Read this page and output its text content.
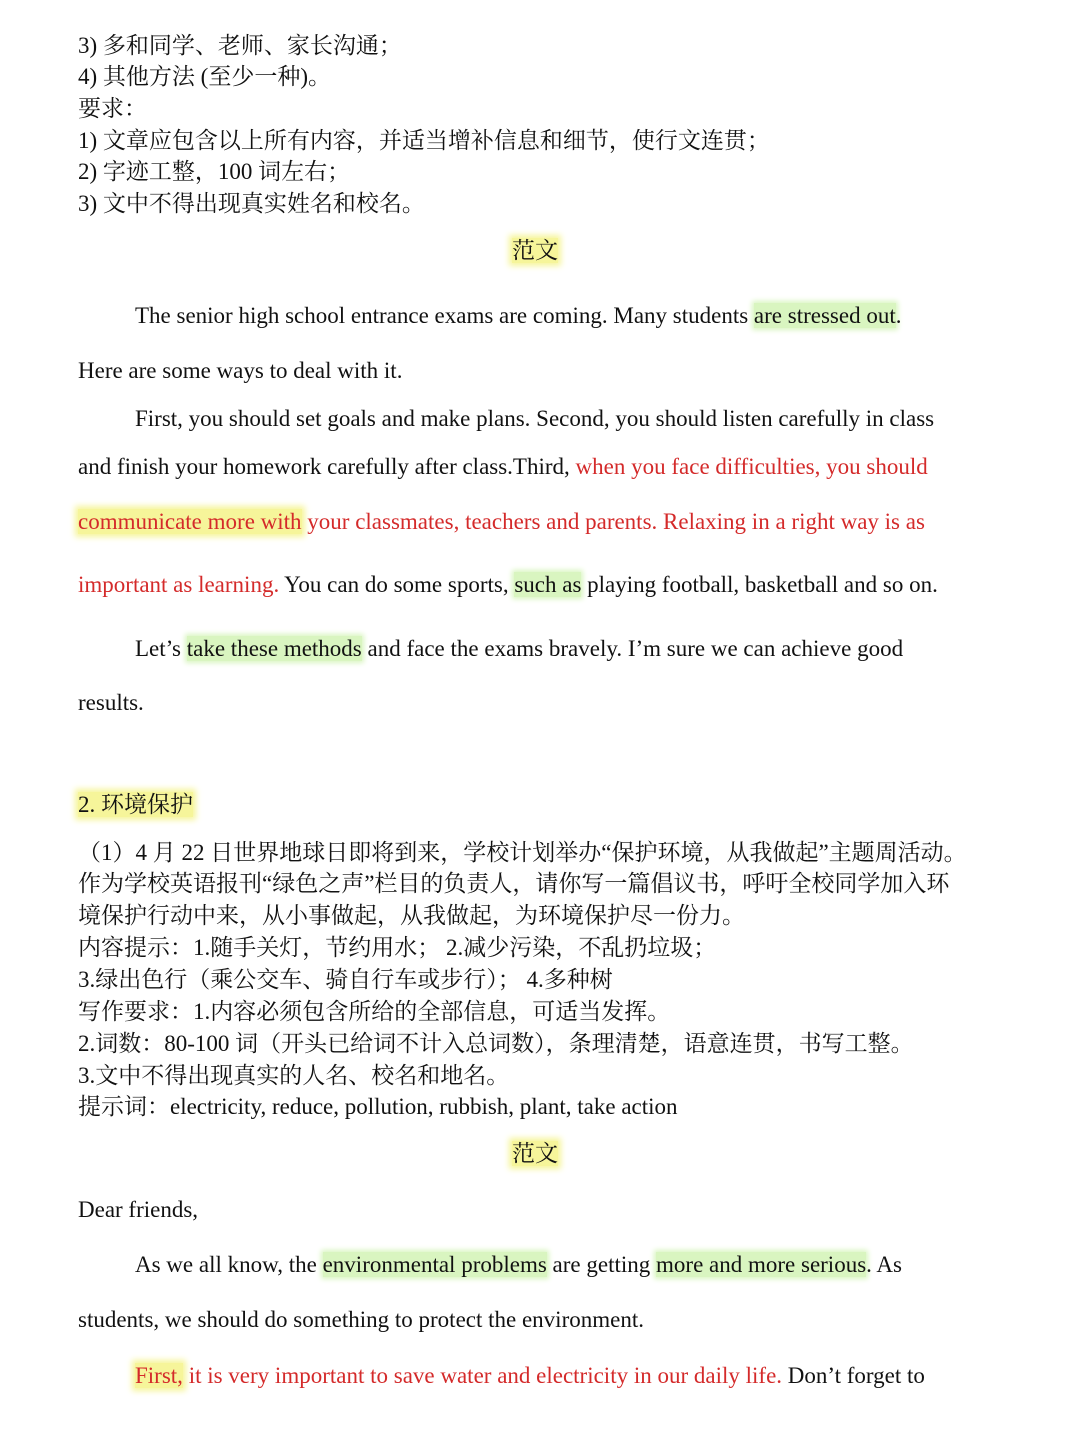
3) 多和同学、老师、家长沟通；
4) 其他方法 (至少一种)。
要求：
1) 文章应包含以上所有内容，并适当增补信息和细节，使行文连贯；
2) 字迹工整，100 词左右；
3) 文中不得出现真实姓名和校名。
范文
The senior high school entrance exams are coming. Many students are stressed out.
Here are some ways to deal with it.
First, you should set goals and make plans. Second, you should listen carefully in class
and finish your homework carefully after class.Third, when you face difficulties, you should
communicate more with your classmates, teachers and parents. Relaxing in a right way is as
important as learning. You can do some sports, such as playing football, basketball and so on.
Let’s take these methods and face the exams bravely. I’m sure we can achieve good
results.
2. 环境保护
（1）4 月 22 日世界地球日即将到来，学校计划举办“保护环境，从我做起”主题周活动。
作为学校英语报刊“绿色之声”栏目的负责人，请你写一篇倡议书，呼吁全校同学加入环
境保护行动中来，从小事做起，从我做起，为环境保护尽一份力。
内容提示：1.随手关灯，节约用水； 2.减少污染，不乱扔垃圾；
3.绿出色行（乘公交车、骑自行车或步行）； 4.多种树
写作要求：1.内容必须包含所给的全部信息，可适当发挥。
2.词数：80-100 词（开头已给词不计入总词数），条理清楚，语意连贯，书写工整。
3.文中不得出现真实的人名、校名和地名。
提示词：electricity, reduce, pollution, rubbish, plant, take action
范文
Dear friends,
As we all know, the environmental problems are getting more and more serious. As
students, we should do something to protect the environment.
First, it is very important to save water and electricity in our daily life. Don’t forget to
